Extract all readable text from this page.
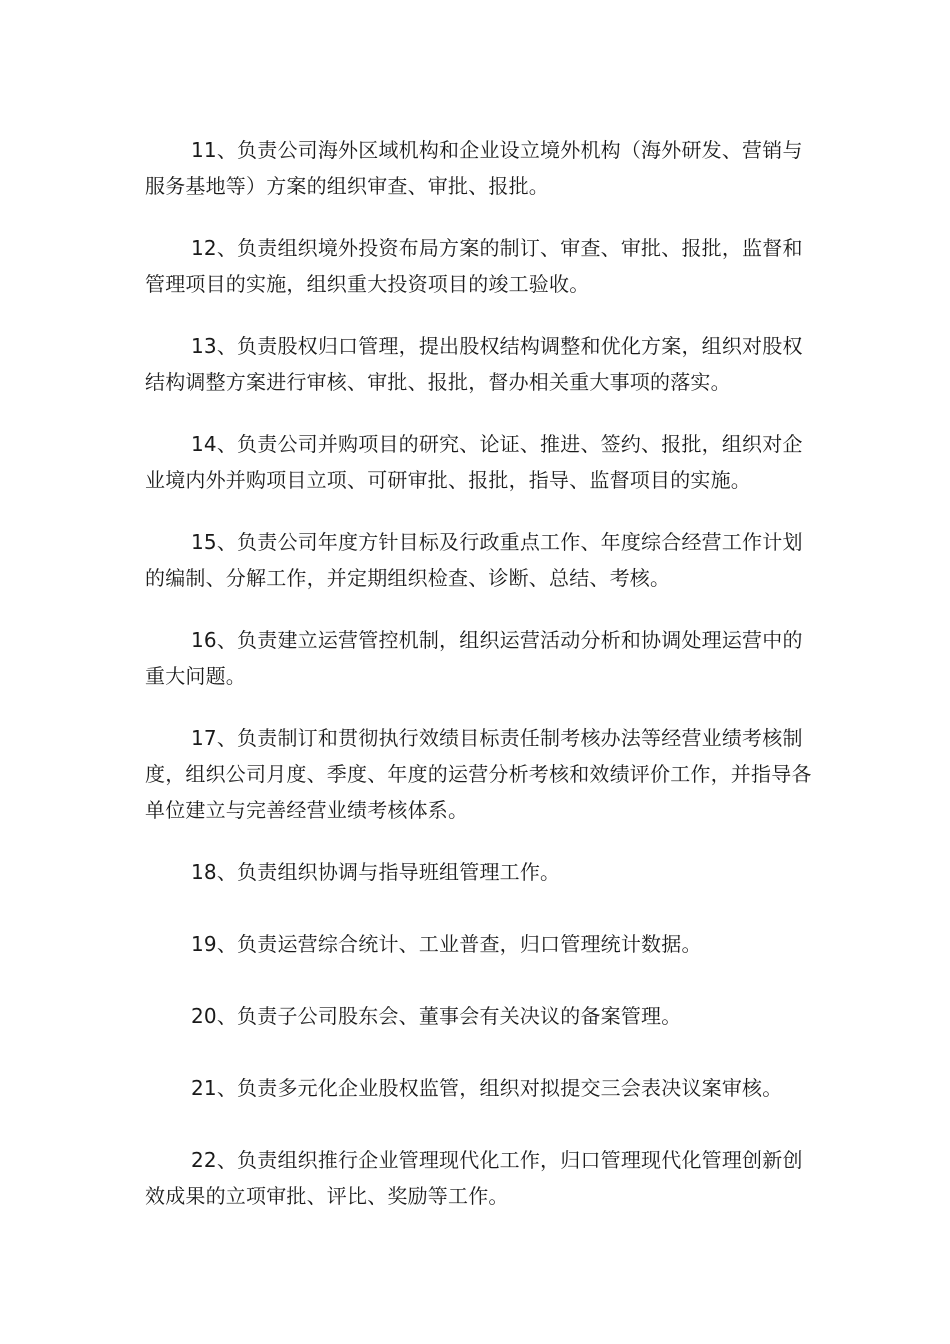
11、负责公司海外区域机构和企业设立境外机构（海外研发、营销与服务基地等）方案的组织审查、审批、报批。

12、负责组织境外投资布局方案的制订、审查、审批、报批，监督和管理项目的实施，组织重大投资项目的竣工验收。

13、负责股权归口管理，提出股权结构调整和优化方案，组织对股权结构调整方案进行审核、审批、报批，督办相关重大事项的落实。

14、负责公司并购项目的研究、论证、推进、签约、报批，组织对企业境内外并购项目立项、可研审批、报批，指导、监督项目的实施。

15、负责公司年度方针目标及行政重点工作、年度综合经营工作计划的编制、分解工作，并定期组织检查、诊断、总结、考核。

16、负责建立运营管控机制，组织运营活动分析和协调处理运营中的重大问题。

17、负责制订和贯彻执行效绩目标责任制考核办法等经营业绩考核制度，组织公司月度、季度、年度的运营分析考核和效绩评价工作，并指导各单位建立与完善经营业绩考核体系。

18、负责组织协调与指导班组管理工作。

19、负责运营综合统计、工业普查，归口管理统计数据。

20、负责子公司股东会、董事会有关决议的备案管理。

21、负责多元化企业股权监管，组织对拟提交三会表决议案审核。

22、负责组织推行企业管理现代化工作，归口管理现代化管理创新创效成果的立项审批、评比、奖励等工作。
